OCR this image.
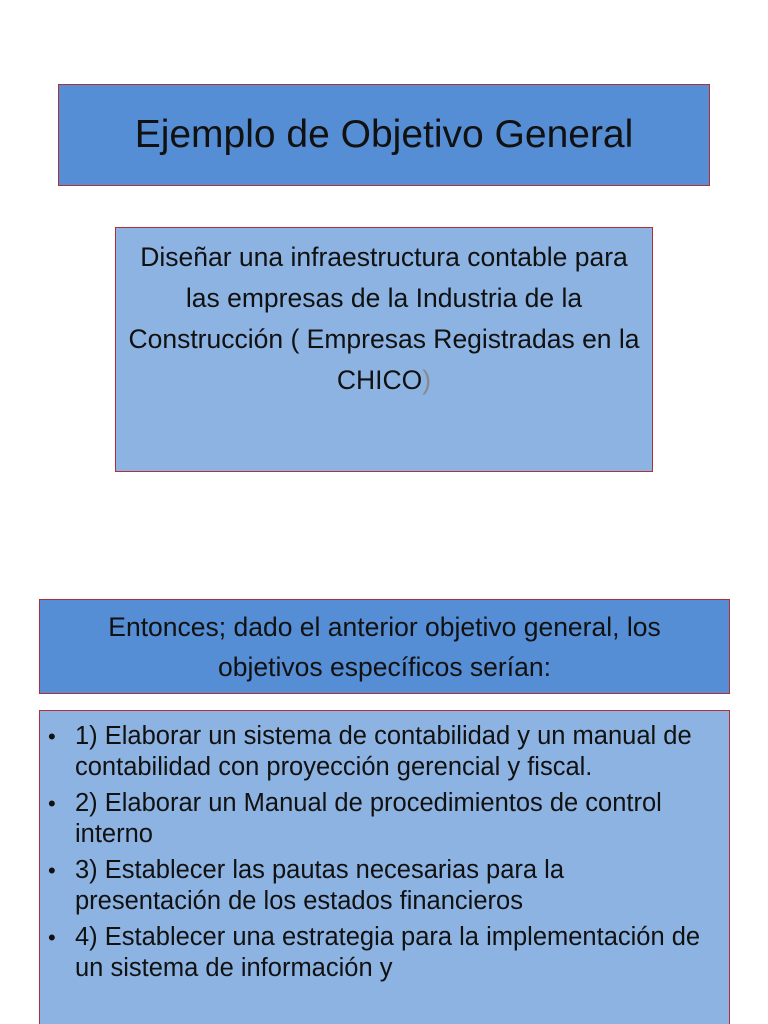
Ejemplo de Objetivo General
Diseñar una infraestructura contable para las empresas de la Industria de la Construcción ( Empresas Registradas en la CHICO)
Entonces; dado el anterior objetivo general, los objetivos específicos serían:
• 1) Elaborar un sistema de contabilidad y un manual de contabilidad con proyección gerencial y fiscal.
• 2) Elaborar un Manual de procedimientos de control interno
• 3) Establecer las pautas necesarias para la presentación de los estados financieros
• 4) Establecer una estrategia para la implementación de un sistema de información y
